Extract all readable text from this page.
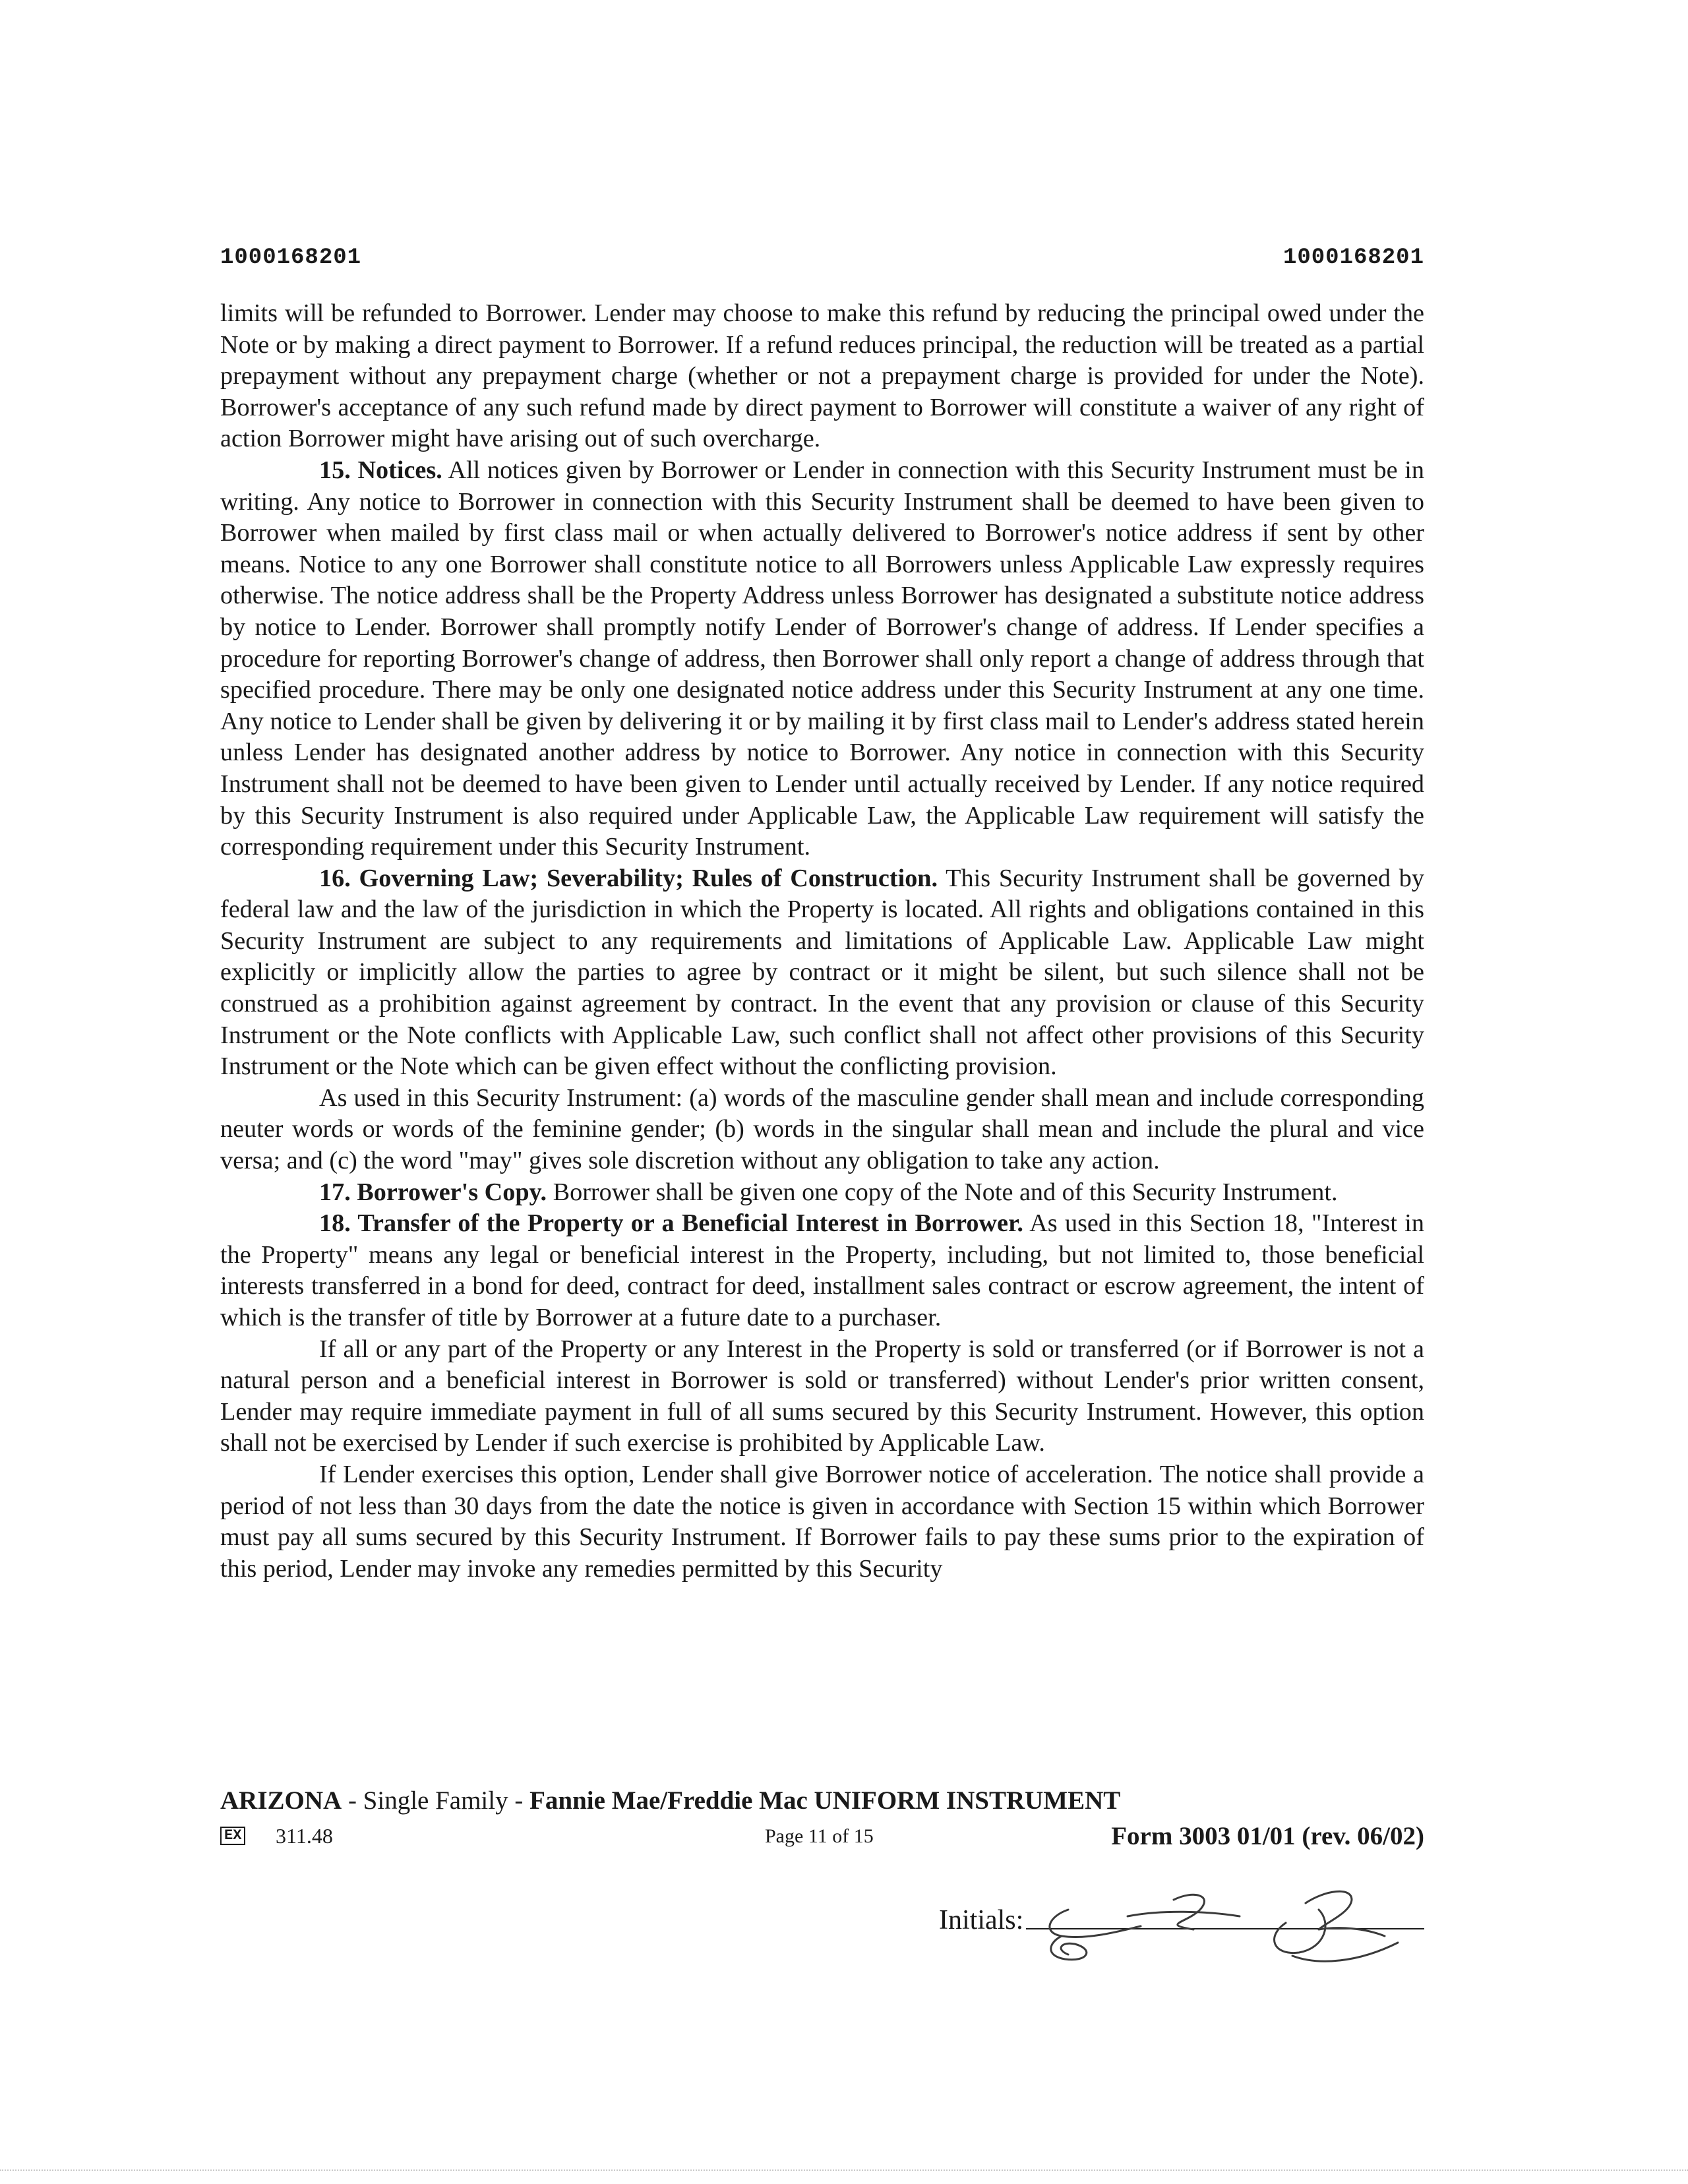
1000168201	1000168201

limits will be refunded to Borrower. Lender may choose to make this refund by reducing the principal owed under the Note or by making a direct payment to Borrower. If a refund reduces principal, the reduction will be treated as a partial prepayment without any prepayment charge (whether or not a prepayment charge is provided for under the Note). Borrower's acceptance of any such refund made by direct payment to Borrower will constitute a waiver of any right of action Borrower might have arising out of such overcharge.

15. Notices. All notices given by Borrower or Lender in connection with this Security Instrument must be in writing. Any notice to Borrower in connection with this Security Instrument shall be deemed to have been given to Borrower when mailed by first class mail or when actually delivered to Borrower's notice address if sent by other means. Notice to any one Borrower shall constitute notice to all Borrowers unless Applicable Law expressly requires otherwise. The notice address shall be the Property Address unless Borrower has designated a substitute notice address by notice to Lender. Borrower shall promptly notify Lender of Borrower's change of address. If Lender specifies a procedure for reporting Borrower's change of address, then Borrower shall only report a change of address through that specified procedure. There may be only one designated notice address under this Security Instrument at any one time. Any notice to Lender shall be given by delivering it or by mailing it by first class mail to Lender's address stated herein unless Lender has designated another address by notice to Borrower. Any notice in connection with this Security Instrument shall not be deemed to have been given to Lender until actually received by Lender. If any notice required by this Security Instrument is also required under Applicable Law, the Applicable Law requirement will satisfy the corresponding requirement under this Security Instrument.

16. Governing Law; Severability; Rules of Construction. This Security Instrument shall be governed by federal law and the law of the jurisdiction in which the Property is located. All rights and obligations contained in this Security Instrument are subject to any requirements and limitations of Applicable Law. Applicable Law might explicitly or implicitly allow the parties to agree by contract or it might be silent, but such silence shall not be construed as a prohibition against agreement by contract. In the event that any provision or clause of this Security Instrument or the Note conflicts with Applicable Law, such conflict shall not affect other provisions of this Security Instrument or the Note which can be given effect without the conflicting provision.

As used in this Security Instrument: (a) words of the masculine gender shall mean and include corresponding neuter words or words of the feminine gender; (b) words in the singular shall mean and include the plural and vice versa; and (c) the word "may" gives sole discretion without any obligation to take any action.

17. Borrower's Copy. Borrower shall be given one copy of the Note and of this Security Instrument.

18. Transfer of the Property or a Beneficial Interest in Borrower. As used in this Section 18, "Interest in the Property" means any legal or beneficial interest in the Property, including, but not limited to, those beneficial interests transferred in a bond for deed, contract for deed, installment sales contract or escrow agreement, the intent of which is the transfer of title by Borrower at a future date to a purchaser.

If all or any part of the Property or any Interest in the Property is sold or transferred (or if Borrower is not a natural person and a beneficial interest in Borrower is sold or transferred) without Lender's prior written consent, Lender may require immediate payment in full of all sums secured by this Security Instrument. However, this option shall not be exercised by Lender if such exercise is prohibited by Applicable Law.

If Lender exercises this option, Lender shall give Borrower notice of acceleration. The notice shall provide a period of not less than 30 days from the date the notice is given in accordance with Section 15 within which Borrower must pay all sums secured by this Security Instrument. If Borrower fails to pay these sums prior to the expiration of this period, Lender may invoke any remedies permitted by this Security

ARIZONA - Single Family - Fannie Mae/Freddie Mac UNIFORM INSTRUMENT
EX 311.48	Page 11 of 15	Form 3003 01/01 (rev. 06/02)
Initials:
